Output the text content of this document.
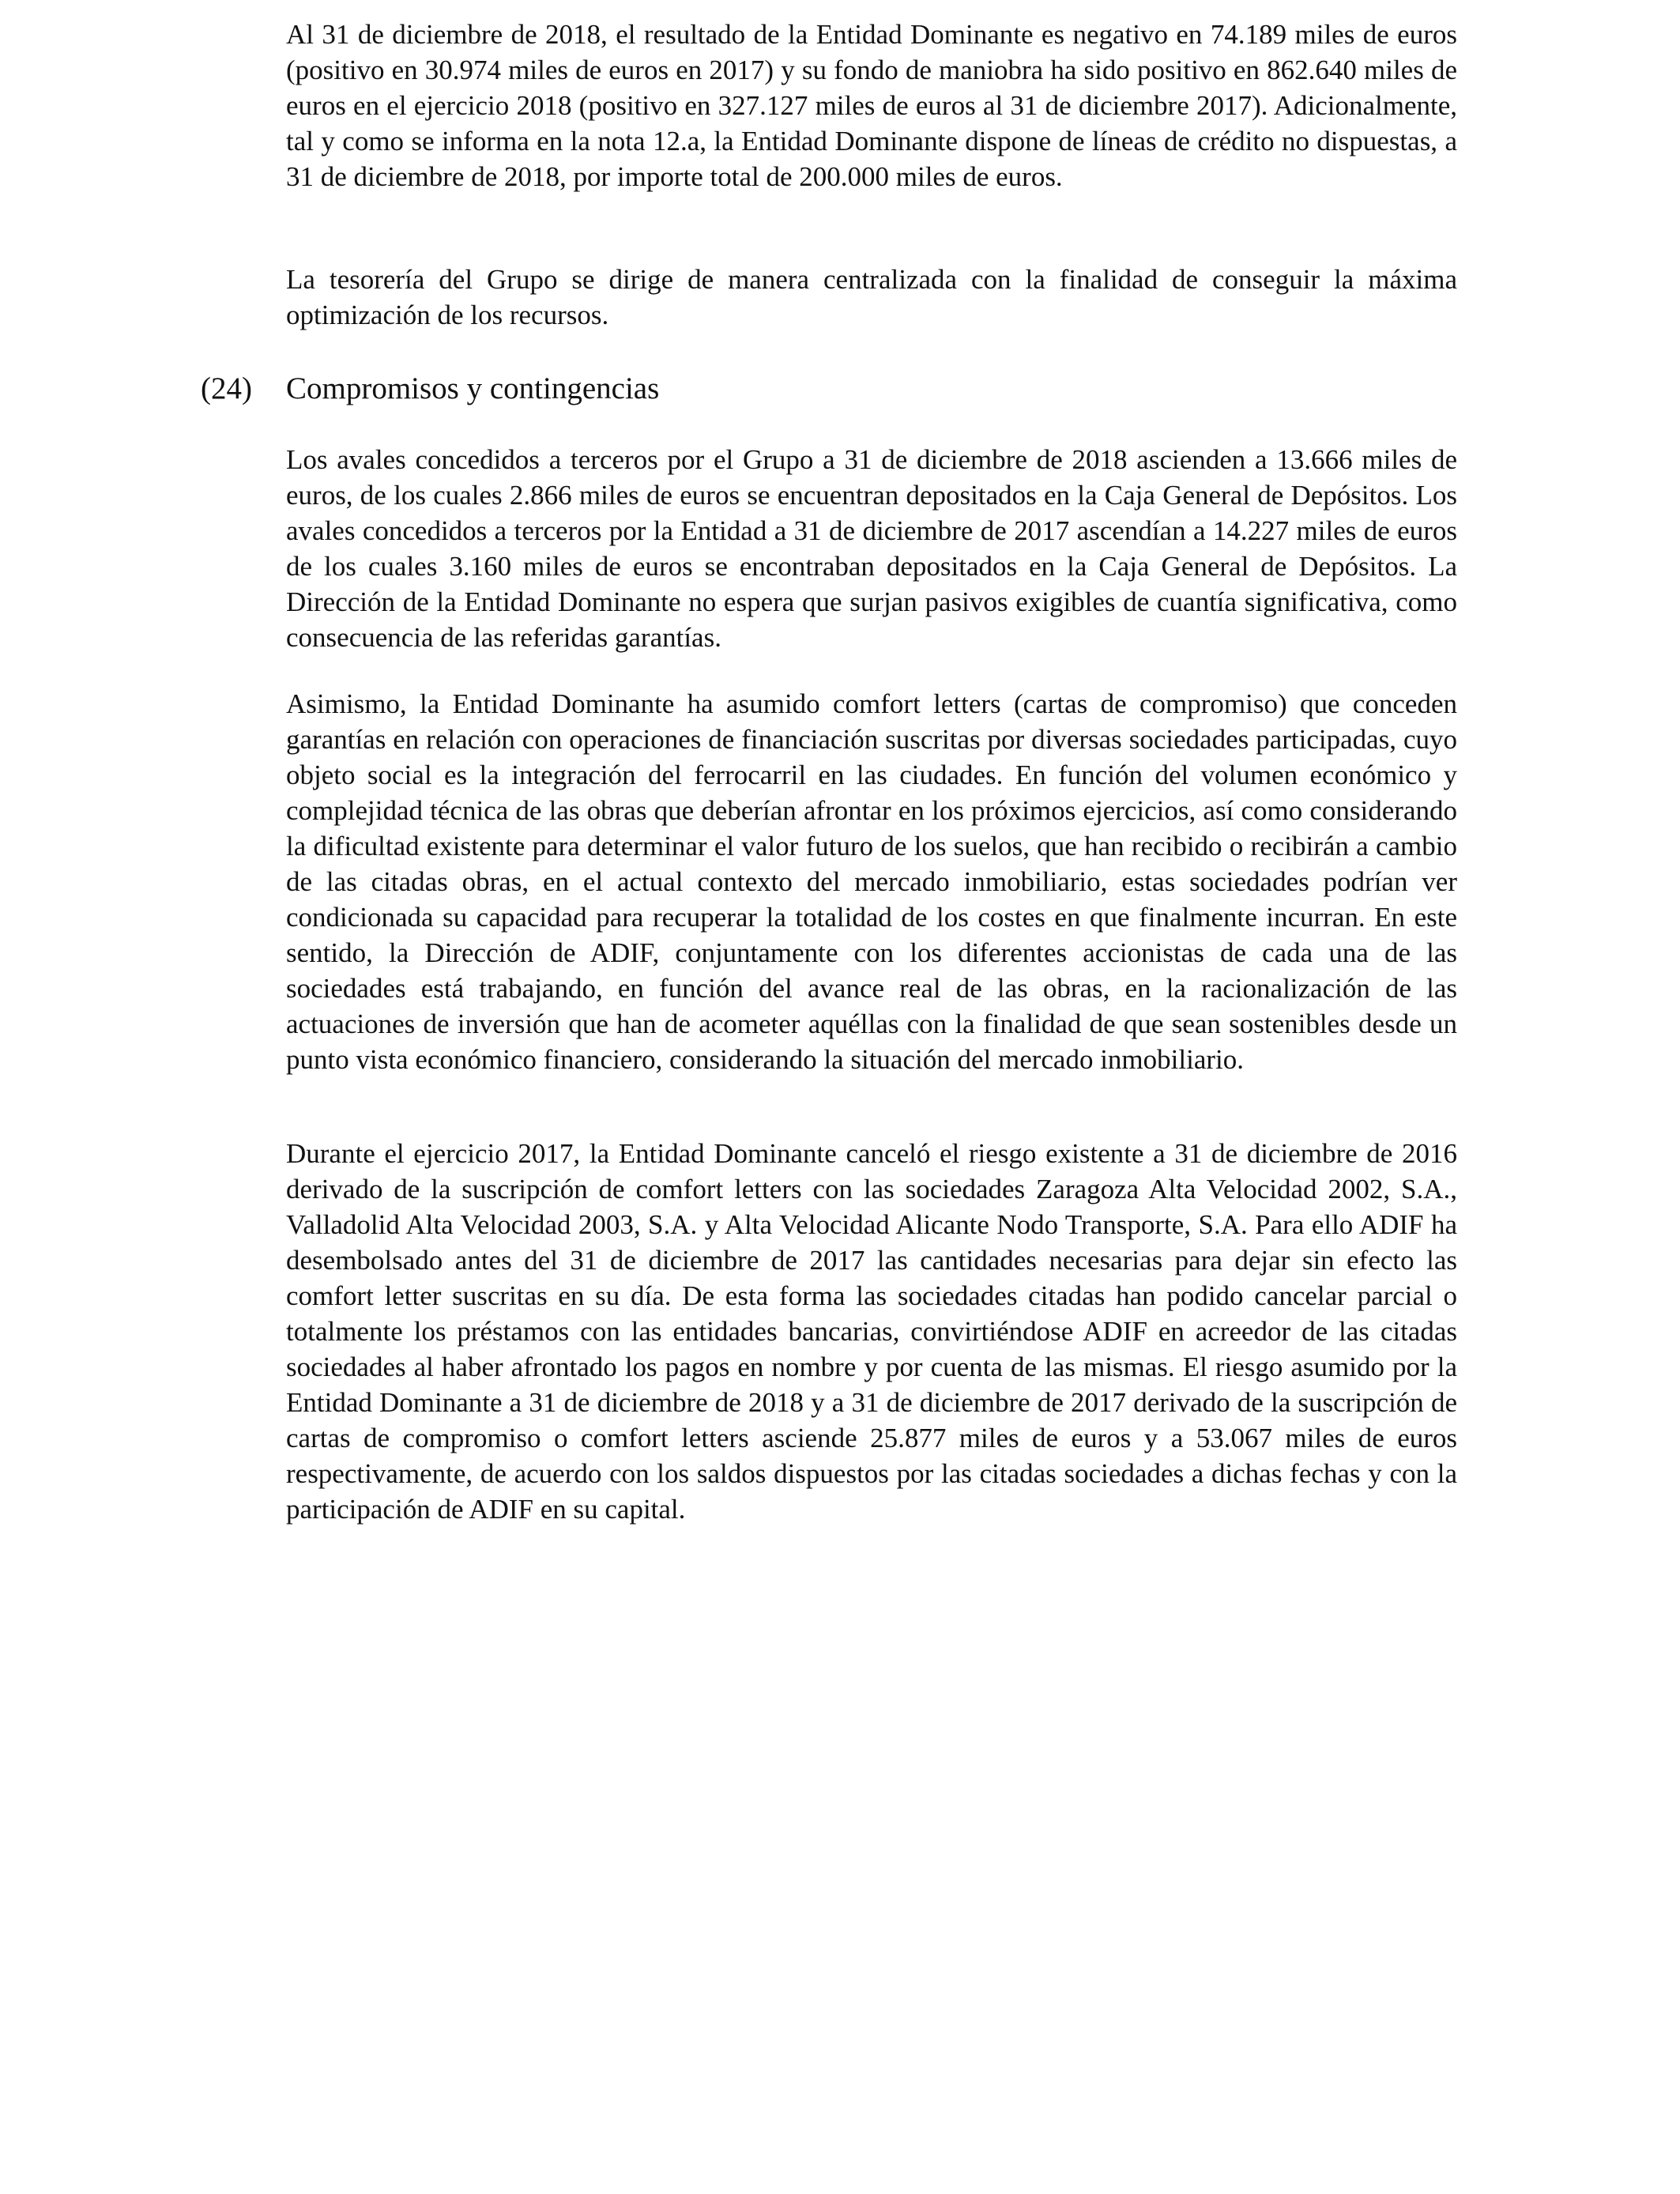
Al 31 de diciembre de 2018, el resultado de la Entidad Dominante es negativo en 74.189 miles de euros (positivo en 30.974 miles de euros en 2017) y su fondo de maniobra ha sido positivo en 862.640 miles de euros en el ejercicio 2018 (positivo en 327.127 miles de euros al 31 de diciembre 2017). Adicionalmente, tal y como se informa en la nota 12.a, la Entidad Dominante dispone de líneas de crédito no dispuestas, a 31 de diciembre de 2018, por importe total de 200.000 miles de euros.

La tesorería del Grupo se dirige de manera centralizada con la finalidad de conseguir la máxima optimización de los recursos.

(24) Compromisos y contingencias

Los avales concedidos a terceros por el Grupo a 31 de diciembre de 2018 ascienden a 13.666 miles de euros, de los cuales 2.866 miles de euros se encuentran depositados en la Caja General de Depósitos. Los avales concedidos a terceros por la Entidad a 31 de diciembre de 2017 ascendían a 14.227 miles de euros de los cuales 3.160 miles de euros se encontraban depositados en la Caja General de Depósitos. La Dirección de la Entidad Dominante no espera que surjan pasivos exigibles de cuantía significativa, como consecuencia de las referidas garantías.

Asimismo, la Entidad Dominante ha asumido comfort letters (cartas de compromiso) que conceden garantías en relación con operaciones de financiación suscritas por diversas sociedades participadas, cuyo objeto social es la integración del ferrocarril en las ciudades. En función del volumen económico y complejidad técnica de las obras que deberían afrontar en los próximos ejercicios, así como considerando la dificultad existente para determinar el valor futuro de los suelos, que han recibido o recibirán a cambio de las citadas obras, en el actual contexto del mercado inmobiliario, estas sociedades podrían ver condicionada su capacidad para recuperar la totalidad de los costes en que finalmente incurran. En este sentido, la Dirección de ADIF, conjuntamente con los diferentes accionistas de cada una de las sociedades está trabajando, en función del avance real de las obras, en la racionalización de las actuaciones de inversión que han de acometer aquéllas con la finalidad de que sean sostenibles desde un punto vista económico financiero, considerando la situación del mercado inmobiliario.

Durante el ejercicio 2017, la Entidad Dominante canceló el riesgo existente a 31 de diciembre de 2016 derivado de la suscripción de comfort letters con las sociedades Zaragoza Alta Velocidad 2002, S.A., Valladolid Alta Velocidad 2003, S.A. y Alta Velocidad Alicante Nodo Transporte, S.A. Para ello ADIF ha desembolsado antes del 31 de diciembre de 2017 las cantidades necesarias para dejar sin efecto las comfort letter suscritas en su día. De esta forma las sociedades citadas han podido cancelar parcial o totalmente los préstamos con las entidades bancarias, convirtiéndose ADIF en acreedor de las citadas sociedades al haber afrontado los pagos en nombre y por cuenta de las mismas. El riesgo asumido por la Entidad Dominante a 31 de diciembre de 2018 y a 31 de diciembre de 2017 derivado de la suscripción de cartas de compromiso o comfort letters asciende 25.877 miles de euros y a 53.067 miles de euros respectivamente, de acuerdo con los saldos dispuestos por las citadas sociedades a dichas fechas y con la participación de ADIF en su capital.
